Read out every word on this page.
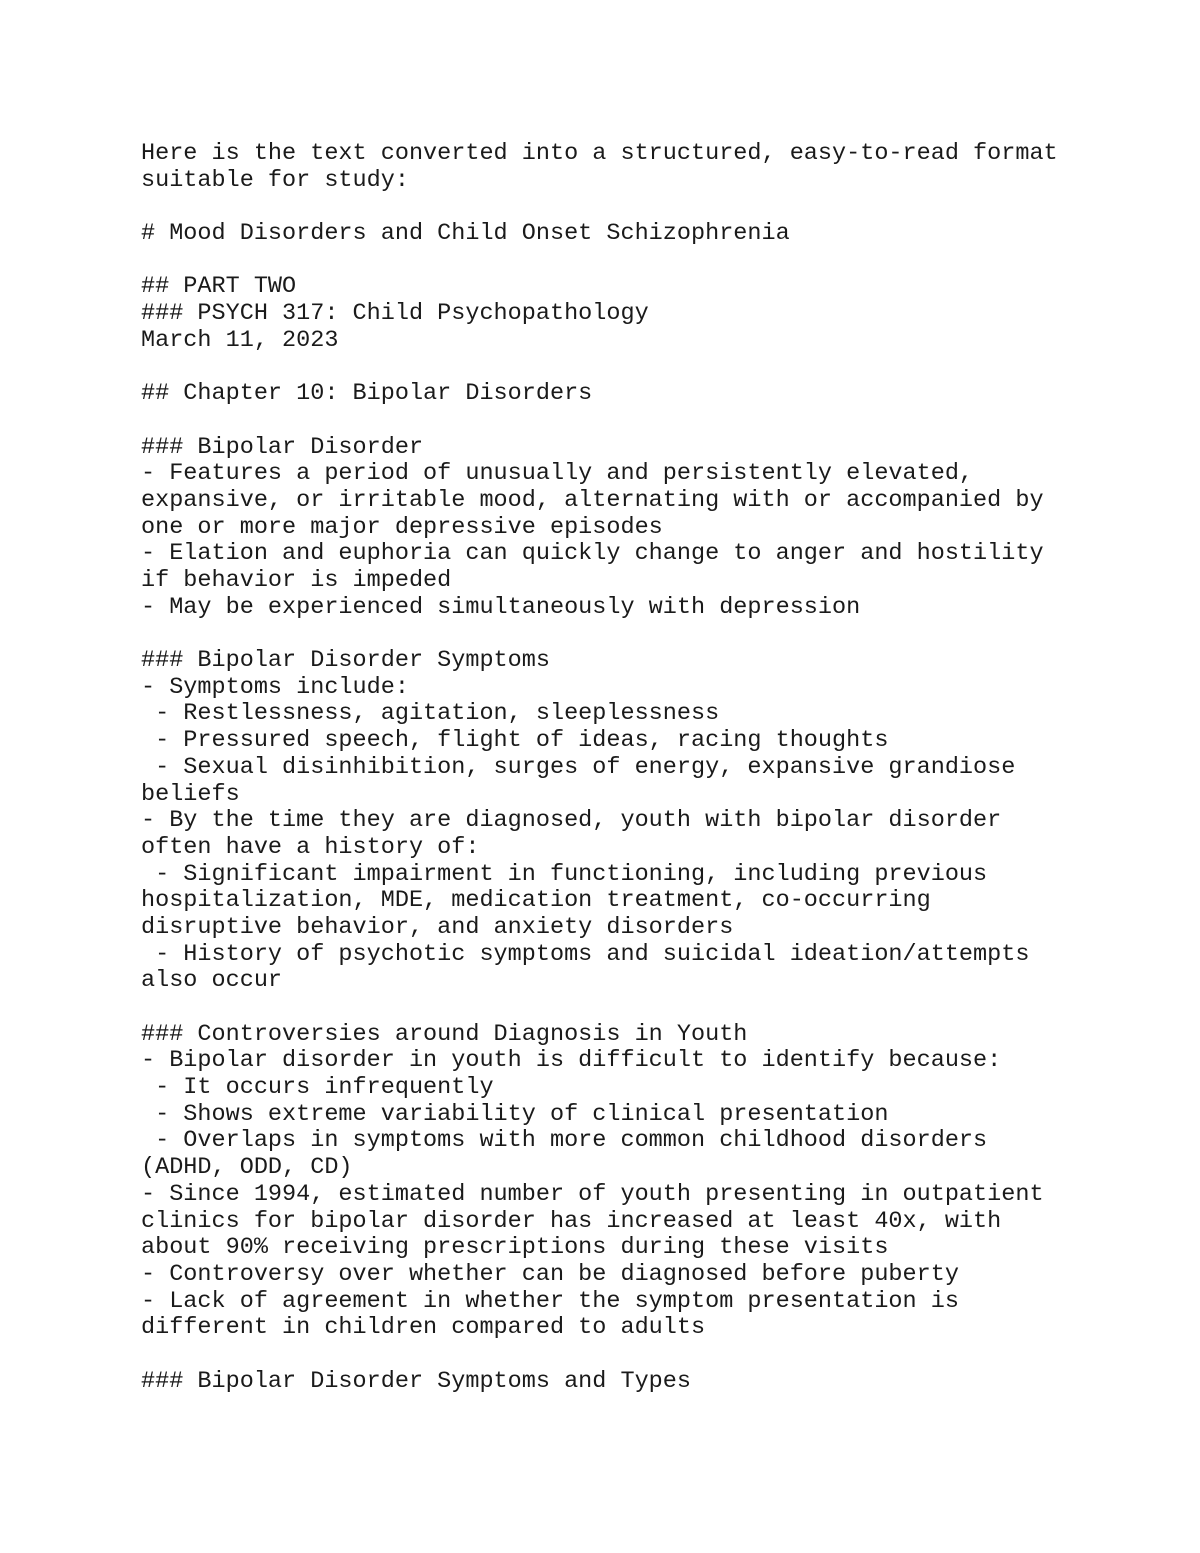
Here is the text converted into a structured, easy-to-read format
suitable for study:
# Mood Disorders and Child Onset Schizophrenia
## PART TWO
### PSYCH 317: Child Psychopathology
March 11, 2023
## Chapter 10: Bipolar Disorders
### Bipolar Disorder
- Features a period of unusually and persistently elevated,
expansive, or irritable mood, alternating with or accompanied by
one or more major depressive episodes
- Elation and euphoria can quickly change to anger and hostility
if behavior is impeded
- May be experienced simultaneously with depression
### Bipolar Disorder Symptoms
- Symptoms include:
- Restlessness, agitation, sleeplessness
- Pressured speech, flight of ideas, racing thoughts
- Sexual disinhibition, surges of energy, expansive grandiose
beliefs
- By the time they are diagnosed, youth with bipolar disorder
often have a history of:
- Significant impairment in functioning, including previous
hospitalization, MDE, medication treatment, co-occurring
disruptive behavior, and anxiety disorders
- History of psychotic symptoms and suicidal ideation/attempts
also occur
### Controversies around Diagnosis in Youth
- Bipolar disorder in youth is difficult to identify because:
- It occurs infrequently
- Shows extreme variability of clinical presentation
- Overlaps in symptoms with more common childhood disorders
(ADHD, ODD, CD)
- Since 1994, estimated number of youth presenting in outpatient
clinics for bipolar disorder has increased at least 40x, with
about 90% receiving prescriptions during these visits
- Controversy over whether can be diagnosed before puberty
- Lack of agreement in whether the symptom presentation is
different in children compared to adults
### Bipolar Disorder Symptoms and Types
